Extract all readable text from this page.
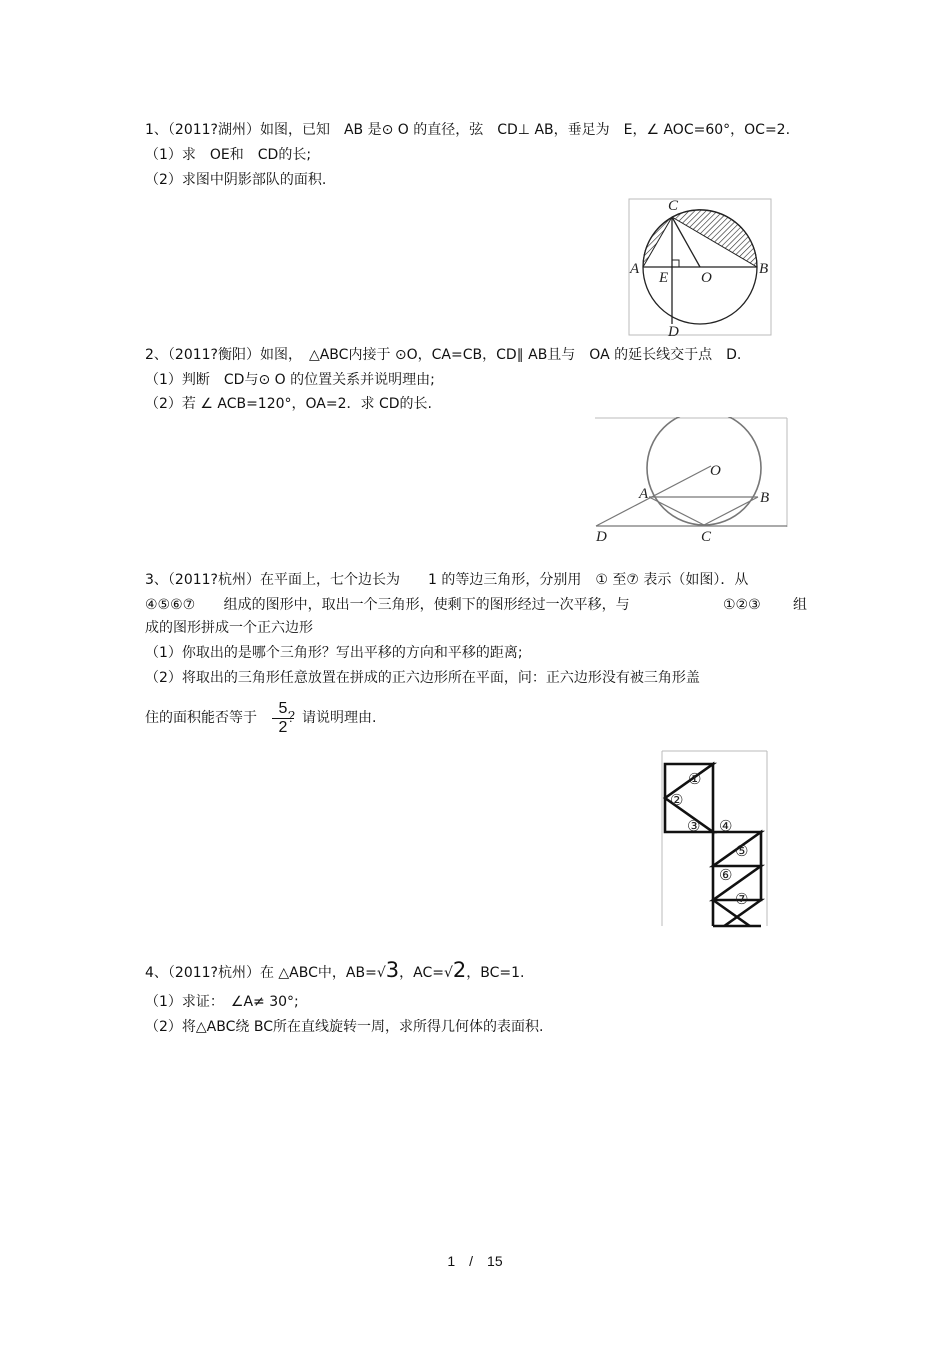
1、（2011?湖州）如图，已知　AB 是⊙ O 的直径，弦　CD⊥ AB，垂足为　E，∠ AOC=60°，OC=2.
（1）求　OE和　CD的长;
（2）求图中阴影部队的面积.
C
A	B
E O
D
2、（2011?衡阳）如图，　△ABC内接于 ⊙O，CA=CB，CD∥ AB且与　OA 的延长线交于点　D.
（1）判断　CD与⊙ O 的位置关系并说明理由;
（2）若 ∠ ACB=120°，OA=2．求 CD的长.
O
A	B
D	C
3、（2011?杭州）在平面上，七个边长为　　1 的等边三角形，分别用　① 至⑦ 表示（如图）．从
④⑤⑥⑦ 组成的图形中，取出一个三角形，使剩下的图形经过一次平移，与	①②③ 组
成的图形拼成一个正六边形
（1）你取出的是哪个三角形？写出平移的方向和平移的距离;
（2）将取出的三角形任意放置在拼成的正六边形所在平面，问：正六边形没有被三角形盖
住的面积能否等于 $\frac{5}{2}$
？请说明理由.
①
②
③ ④
⑤
⑥
⑦
4、（2011?杭州）在 △ABC中，AB=√3，AC=√2，BC=1.
（1）求证：　∠A≠ 30°;
（2）将△ABC绕 BC所在直线旋转一周，求所得几何体的表面积.
1　/　15
